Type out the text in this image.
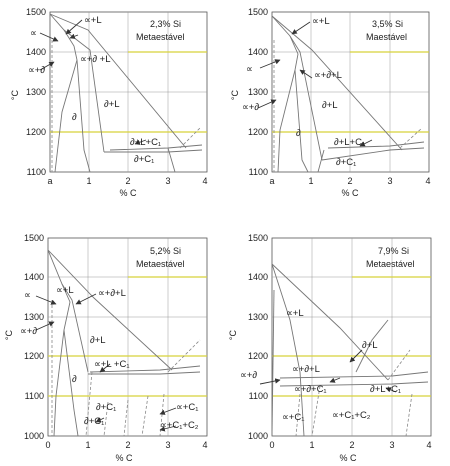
1500
1400
1300
1200
1100
a	1	2	3	4
°C
% C
2,3% Si
Metaestável
∝
∝+L
∝+∂
∝+∂ +L
∂+L
∂
∂+L+C₁
∂+C₁
1500
1400
1300
1200
1100
a	1	2	3	4
°C
% C
3,5% Si
Maestável
∝+L
∝
∝+∂
∝+∂+L
∂+L
∂
∂+L+C₁
∂+C₁
1500
1400
1300
1200
1100
1000
0	1	2	3	4
°C
% C
5,2% Si
Metaestável
∝	∝+L	∝+∂+L
∝+∂
∂+L
∝+L +C₁
∂
∂+C₁	∝+C₁
∂+C₁	∝+C₁+C₂
1500
1400
1300
1200
1100
1000
0	1	2	3	4
°C
% C
7,9% Si
Metaestável
∝+L
∂+L
∝+∂+L
∝+∂
∝+∂+C₁	∂+L+C₁
∝+C₁	∝+C₁+C₂
